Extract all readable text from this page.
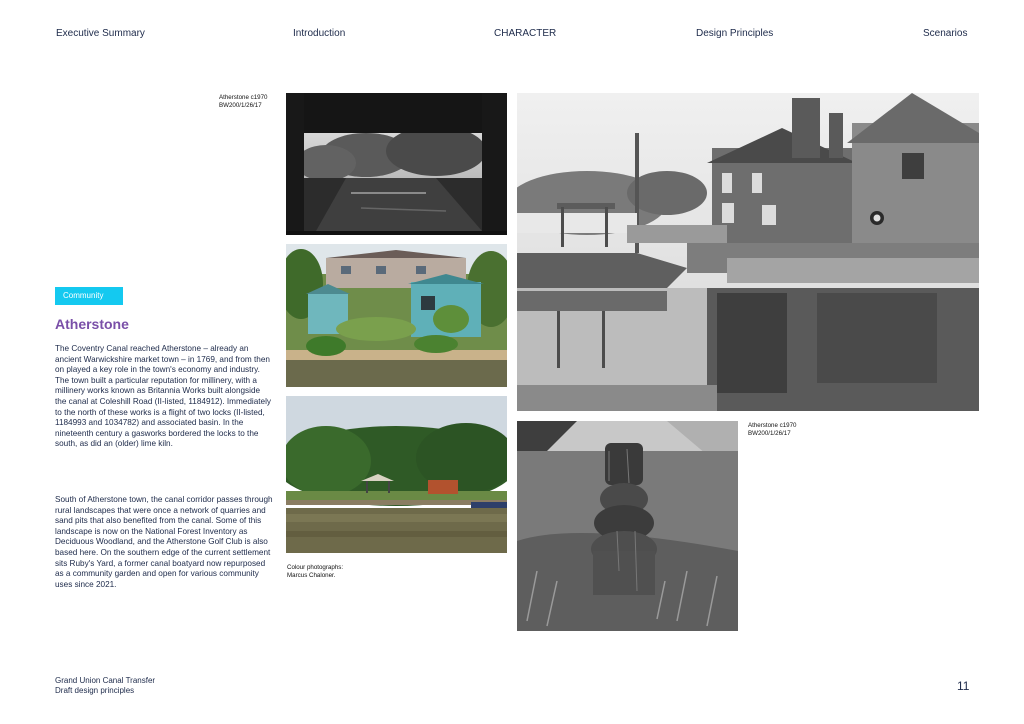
Executive Summary	Introduction	CHARACTER	Design Principles	Scenarios
Community
Atherstone

The Coventry Canal reached Atherstone – already an ancient Warwickshire market town – in 1769, and from then on played a key role in the town's economy and industry. The town built a particular reputation for millinery, with a millinery works known as Britannia Works built alongside the canal at Coleshill Road (II-listed, 1184912). Immediately to the north of these works is a flight of two locks (II-listed, 1184993 and 1034782) and associated basin. In the nineteenth century a gasworks bordered the locks to the south, as did an (older) lime kiln.

South of Atherstone town, the canal corridor passes through rural landscapes that were once a network of quarries and sand pits that also benefited from the canal. Some of this landscape is now on the National Forest Inventory as Deciduous Woodland, and the Atherstone Golf Club is also based here. On the southern edge of the current settlement sits Ruby's Yard, a former canal boatyard now repurposed as a community garden and open for various community uses since 2021.

Atherstone c1970
BW200/1/26/17
Atherstone c1970
BW200/1/26/17
Colour photographs:
Marcus Chaloner.
Grand Union Canal Transfer
Draft design principles	11
